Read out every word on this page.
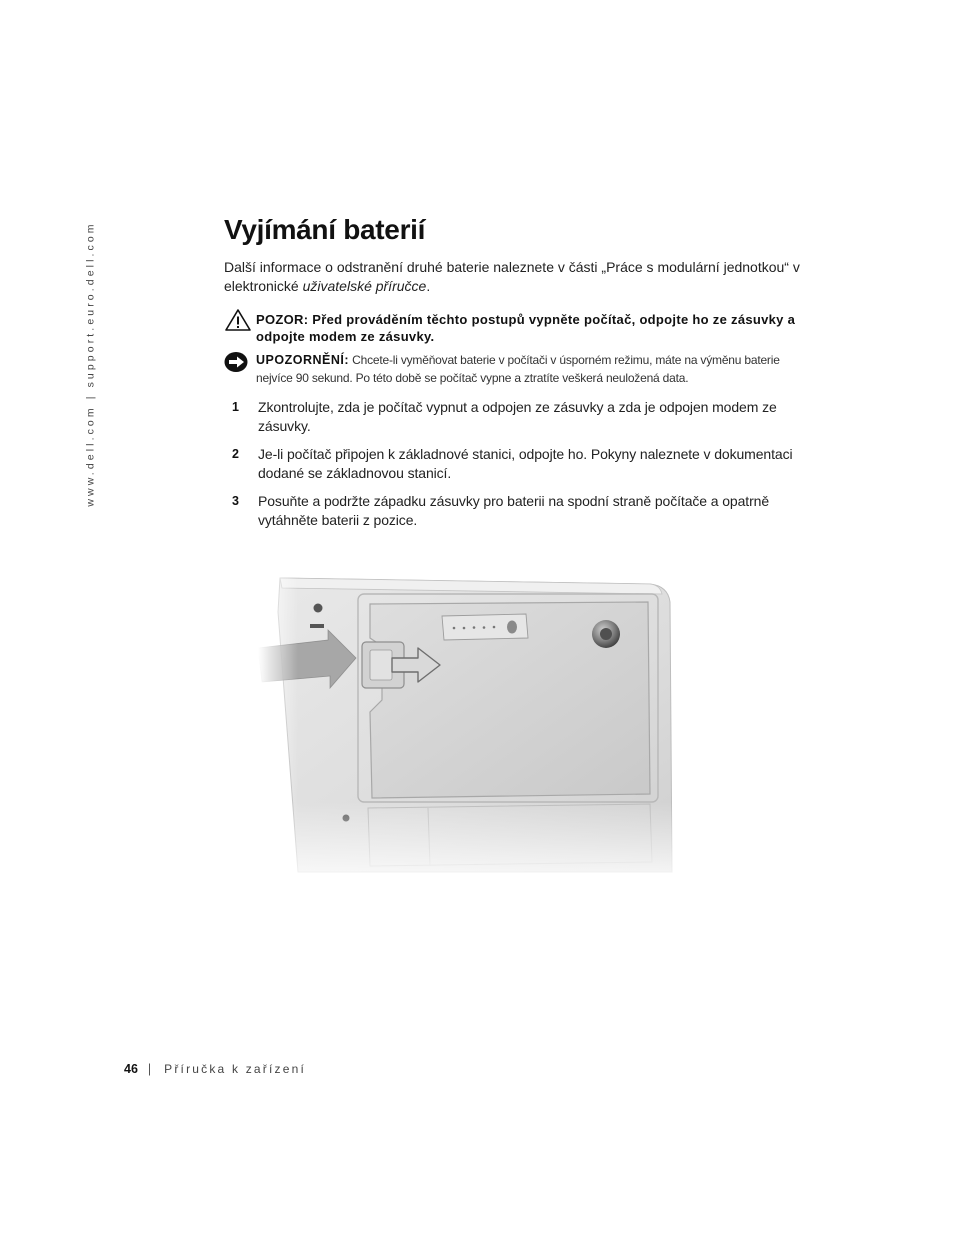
www.dell.com | support.euro.dell.com	Vyjímání baterií
Další informace o odstranění druhé baterie naleznete v části „Práce s modulární jednotkou“ v elektronické uživatelské příručce.
POZOR: Před prováděním těchto postupů vypněte počítač, odpojte ho ze zásuvky a odpojte modem ze zásuvky.
UPOZORNĚNÍ: Chcete-li vyměňovat baterie v počítači v úsporném režimu, máte na výměnu baterie nejvíce 90 sekund. Po této době se počítač vypne a ztratíte veškerá neuložená data.
1	Zkontrolujte, zda je počítač vypnut a odpojen ze zásuvky a zda je odpojen modem ze zásuvky.
2	Je-li počítač připojen k základnové stanici, odpojte ho. Pokyny naleznete v dokumentaci dodané se základnovou stanicí.
3	Posuňte a podržte západku zásuvky pro baterii na spodní straně počítače a opatrně vytáhněte baterii z pozice.
46 | Příručka k zařízení
